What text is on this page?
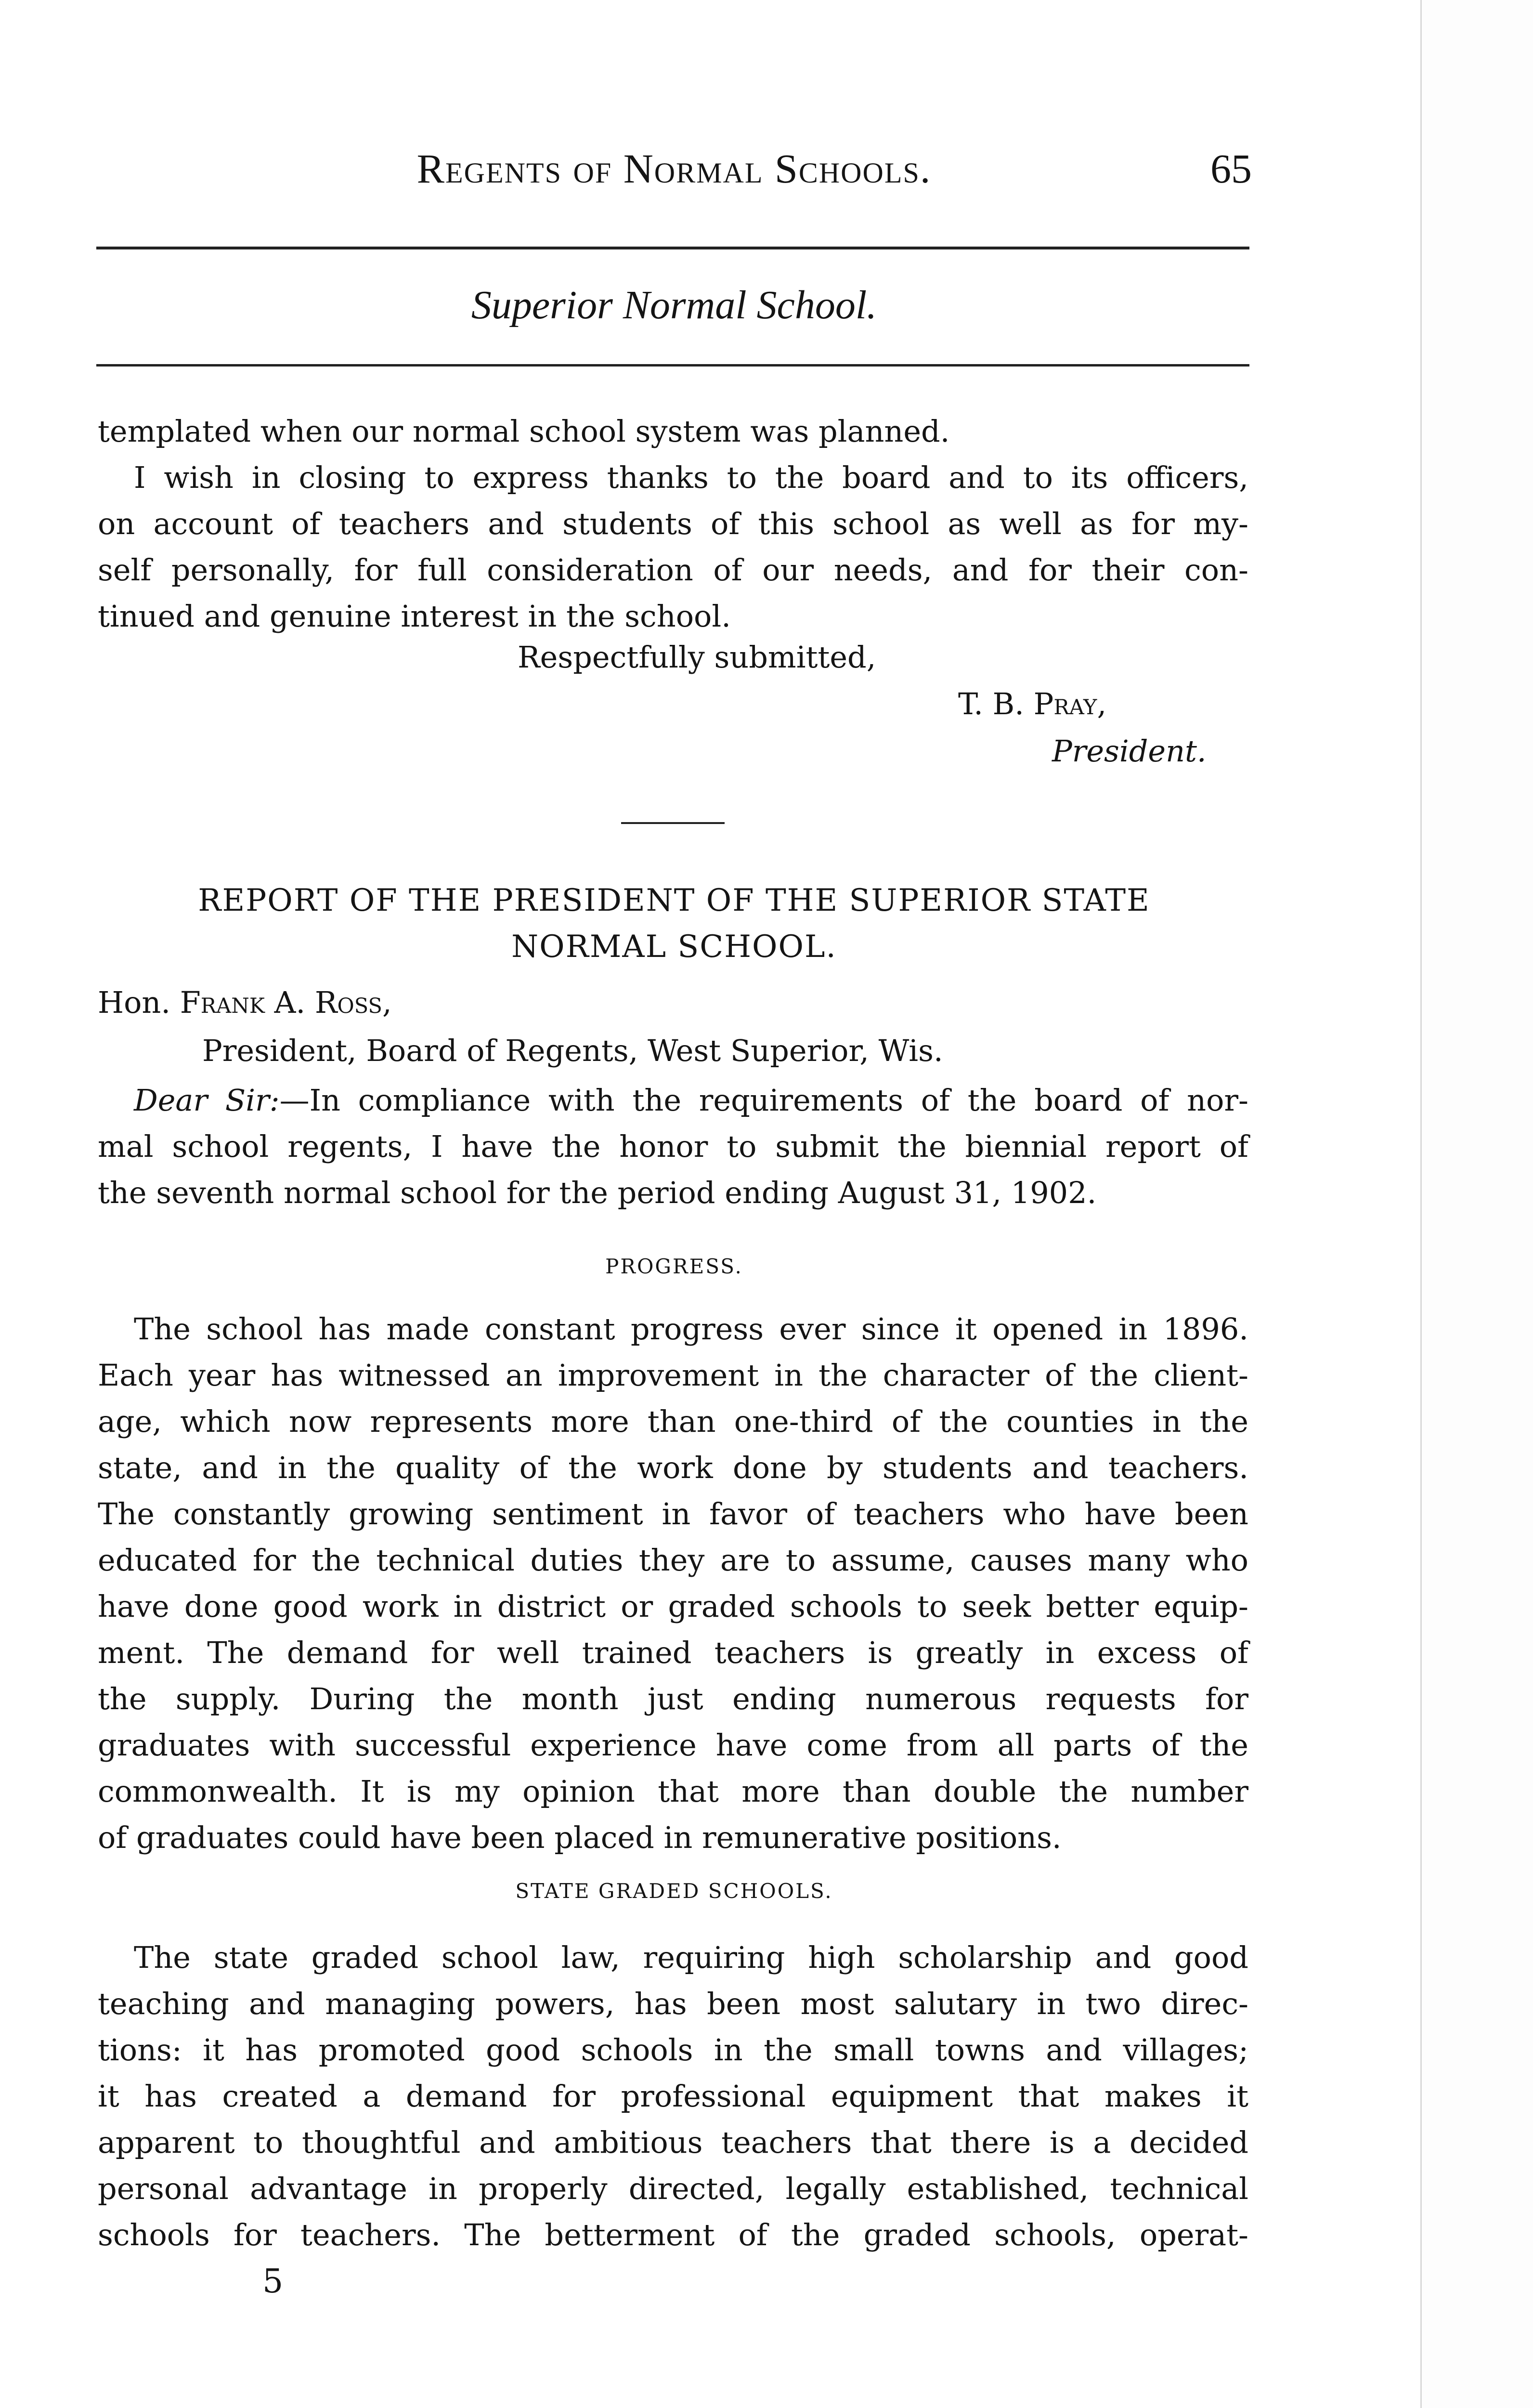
Regents of Normal Schools.	65
Superior Normal School.
templated when our normal school system was planned.
I wish in closing to express thanks to the board and to its officers,
on account of teachers and students of this school as well as for my-
self personally, for full consideration of our needs, and for their con-
tinued and genuine interest in the school.
Respectfully submitted,
T. B. Pray,
President.
REPORT OF THE PRESIDENT OF THE SUPERIOR STATE
NORMAL SCHOOL.
Hon. Frank A. Ross,
President, Board of Regents, West Superior, Wis.
Dear Sir:—In compliance with the requirements of the board of nor-
mal school regents, I have the honor to submit the biennial report of
the seventh normal school for the period ending August 31, 1902.
PROGRESS.
The school has made constant progress ever since it opened in 1896.
Each year has witnessed an improvement in the character of the client-
age, which now represents more than one-third of the counties in the
state, and in the quality of the work done by students and teachers.
The constantly growing sentiment in favor of teachers who have been
educated for the technical duties they are to assume, causes many who
have done good work in district or graded schools to seek better equip-
ment. The demand for well trained teachers is greatly in excess of
the supply. During the month just ending numerous requests for
graduates with successful experience have come from all parts of the
commonwealth. It is my opinion that more than double the number
of graduates could have been placed in remunerative positions.
STATE GRADED SCHOOLS.
The state graded school law, requiring high scholarship and good
teaching and managing powers, has been most salutary in two direc-
tions: it has promoted good schools in the small towns and villages;
it has created a demand for professional equipment that makes it
apparent to thoughtful and ambitious teachers that there is a decided
personal advantage in properly directed, legally established, technical
schools for teachers. The betterment of the graded schools, operat-
5
